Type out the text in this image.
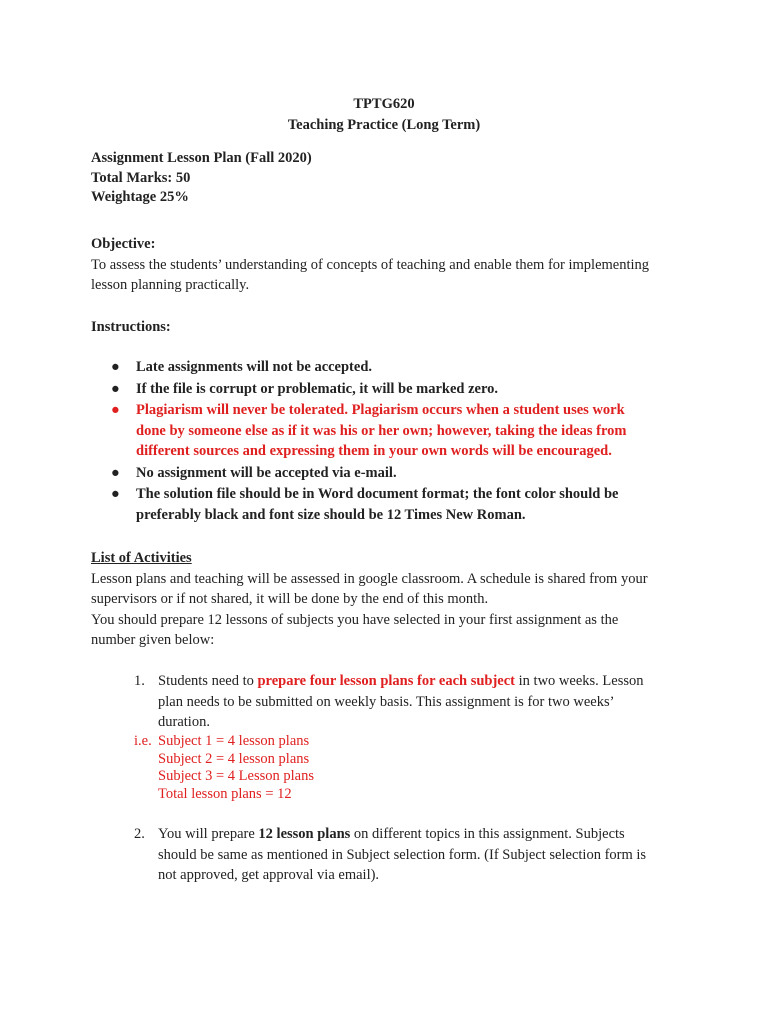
TPTG620
Teaching Practice (Long Term)
Assignment Lesson Plan (Fall 2020)
Total Marks: 50
Weightage 25%
Objective:
To assess the students’ understanding of concepts of teaching and enable them for implementing
lesson planning practically.
Instructions:
● Late assignments will not be accepted.
● If the file is corrupt or problematic, it will be marked zero.
● Plagiarism will never be tolerated. Plagiarism occurs when a student uses work
done by someone else as if it was his or her own; however, taking the ideas from
different sources and expressing them in your own words will be encouraged.
● No assignment will be accepted via e-mail.
● The solution file should be in Word document format; the font color should be
preferably black and font size should be 12 Times New Roman.
List of Activities
Lesson plans and teaching will be assessed in google classroom. A schedule is shared from your
supervisors or if not shared, it will be done by the end of this month.
You should prepare 12 lessons of subjects you have selected in your first assignment as the
number given below:
1. Students need to prepare four lesson plans for each subject in two weeks. Lesson
plan needs to be submitted on weekly basis. This assignment is for two weeks’
duration.
i.e. Subject 1 = 4 lesson plans
Subject 2 = 4 lesson plans
Subject 3 = 4 Lesson plans
Total lesson plans = 12
2. You will prepare 12 lesson plans on different topics in this assignment. Subjects
should be same as mentioned in Subject selection form. (If Subject selection form is
not approved, get approval via email).
